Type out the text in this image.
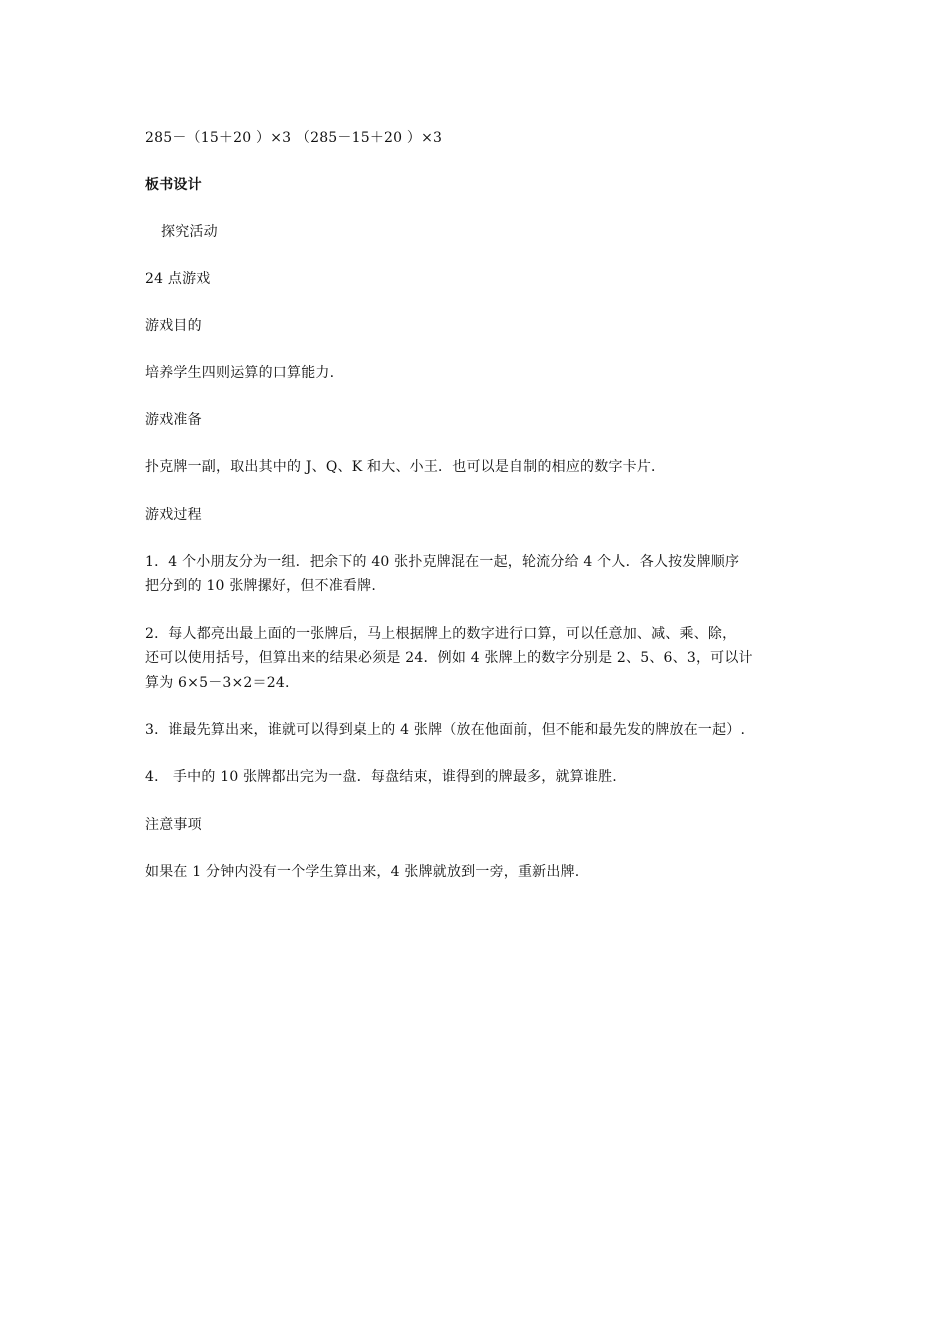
285－（15＋20 ）×3 （285－15＋20 ）×3
板书设计
探究活动
24 点游戏
游戏目的
培养学生四则运算的口算能力.
游戏准备
扑克牌一副，取出其中的 J、Q、K 和大、小王．也可以是自制的相应的数字卡片．
游戏过程
1．4 个小朋友分为一组．把余下的 40 张扑克牌混在一起，轮流分给 4 个人．各人按发牌顺序
把分到的 10 张牌摞好，但不准看牌.
2．每人都亮出最上面的一张牌后，马上根据牌上的数字进行口算，可以任意加、减、乘、除，
还可以使用括号，但算出来的结果必须是 24．例如 4 张牌上的数字分别是 2、5、6、3，可以计
算为 6×5－3×2＝24.
3．谁最先算出来，谁就可以得到桌上的 4 张牌（放在他面前，但不能和最先发的牌放在一起）.
4． 手中的 10 张牌都出完为一盘．每盘结束，谁得到的牌最多，就算谁胜.
注意事项
如果在 1 分钟内没有一个学生算出来，4 张牌就放到一旁，重新出牌.
